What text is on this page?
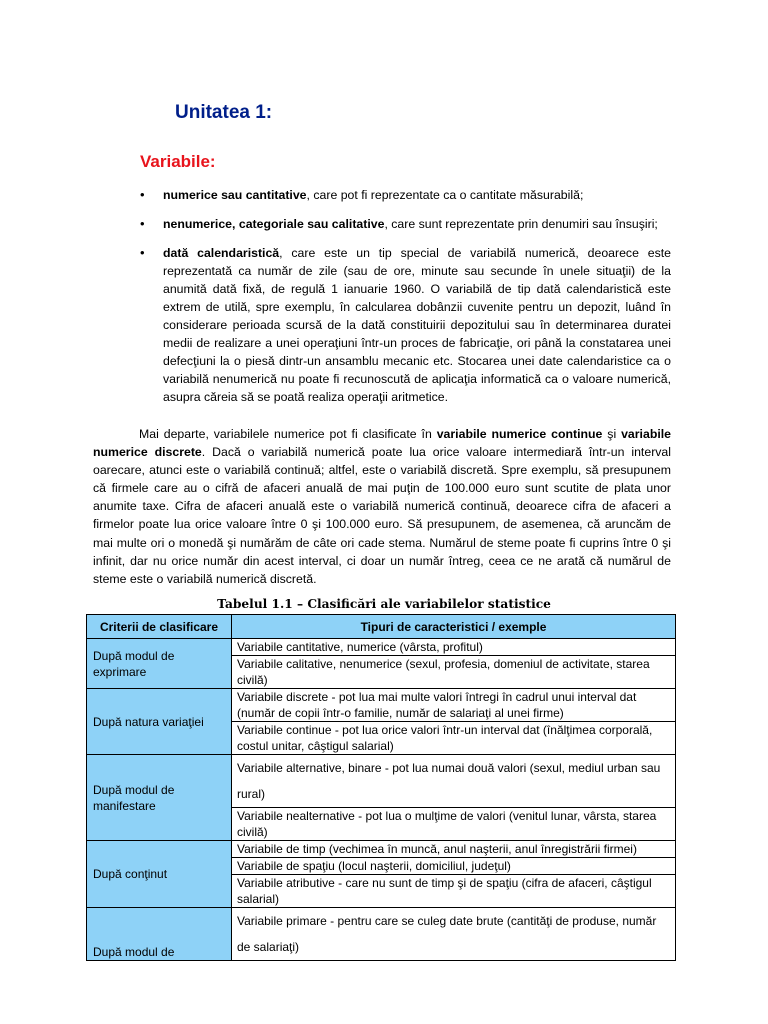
Unitatea 1:
Variabile:
• numerice sau cantitative, care pot fi reprezentate ca o cantitate măsurabilă;
• nenumerice, categoriale sau calitative, care sunt reprezentate prin denumiri sau însuşiri;
• dată calendaristică, care este un tip special de variabilă numerică, deoarece este reprezentată ca număr de zile (sau de ore, minute sau secunde în unele situaţii) de la anumită dată fixă, de regulă 1 ianuarie 1960. O variabilă de tip dată calendaristică este extrem de utilă, spre exemplu, în calcularea dobânzii cuvenite pentru un depozit, luând în considerare perioada scursă de la dată constituirii depozitului sau în determinarea duratei medii de realizare a unei operaţiuni într-un proces de fabricaţie, ori până la constatarea unei defecţiuni la o piesă dintr-un ansamblu mecanic etc. Stocarea unei date calendaristice ca o variabilă nenumerică nu poate fi recunoscută de aplicaţia informatică ca o valoare numerică, asupra căreia să se poată realiza operaţii aritmetice.

Mai departe, variabilele numerice pot fi clasificate în variabile numerice continue şi variabile numerice discrete. Dacă o variabilă numerică poate lua orice valoare intermediară într-un interval oarecare, atunci este o variabilă continuă; altfel, este o variabilă discretă. Spre exemplu, să presupunem că firmele care au o cifră de afaceri anuală de mai puţin de 100.000 euro sunt scutite de plata unor anumite taxe. Cifra de afaceri anuală este o variabilă numerică continuă, deoarece cifra de afaceri a firmelor poate lua orice valoare între 0 şi 100.000 euro. Să presupunem, de asemenea, că aruncăm de mai multe ori o monedă şi numărăm de câte ori cade stema. Numărul de steme poate fi cuprins între 0 şi infinit, dar nu orice număr din acest interval, ci doar un număr întreg, ceea ce ne arată că numărul de steme este o variabilă numerică discretă.

Tabelul 1.1 – Clasificări ale variabilelor statistice

Criterii de clasificare	Tipuri de caracteristici / exemple
După modul de exprimare	Variabile cantitative, numerice (vârsta, profitul)
	Variabile calitative, nenumerice (sexul, profesia, domeniul de activitate, starea civilă)
După natura variaţiei	Variabile discrete - pot lua mai multe valori întregi în cadrul unui interval dat (număr de copii într-o familie, număr de salariaţi al unei firme)
	Variabile continue - pot lua orice valori într-un interval dat (înălţimea corporală, costul unitar, câştigul salarial)
După modul de manifestare	Variabile alternative, binare - pot lua numai două valori (sexul, mediul urban sau rural)
	Variabile nealternative - pot lua o mulţime de valori (venitul lunar, vârsta, starea civilă)
După conţinut	Variabile de timp (vechimea în muncă, anul naşterii, anul înregistrării firmei)
	Variabile de spaţiu (locul naşterii, domiciliul, judeţul)
	Variabile atributive - care nu sunt de timp şi de spaţiu (cifra de afaceri, câştigul salarial)
După modul de	Variabile primare - pentru care se culeg date brute (cantităţi de produse, număr de salariaţi)
